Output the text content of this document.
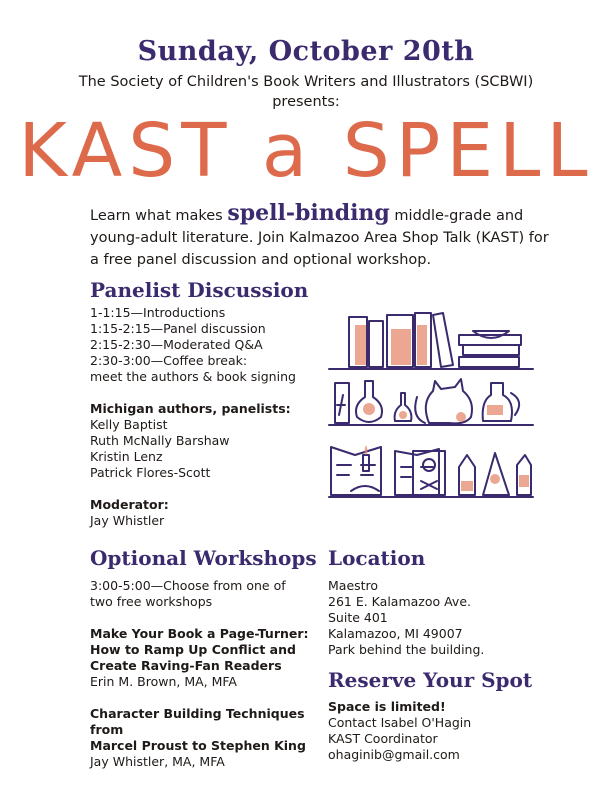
Sunday, October 20th
The Society of Children's Book Writers and Illustrators (SCBWI)
presents:
KAST a SPELL
Learn what makes spell-binding middle-grade and young-adult literature. Join Kalmazoo Area Shop Talk (KAST) for a free panel discussion and optional workshop.
Panelist Discussion
1-1:15—Introductions
1:15-2:15—Panel discussion
2:15-2:30—Moderated Q&A
2:30-3:00—Coffee break:
meet the authors & book signing
Michigan authors, panelists:
Kelly Baptist
Ruth McNally Barshaw
Kristin Lenz
Patrick Flores-Scott
Moderator:
Jay Whistler
Optional Workshops
3:00-5:00—Choose from one of
two free workshops
Make Your Book a Page-Turner:
How to Ramp Up Conflict and
Create Raving-Fan Readers
Erin M. Brown, MA, MFA
Character Building Techniques from
Marcel Proust to Stephen King
Jay Whistler, MA, MFA
Location
Maestro
261 E. Kalamazoo Ave.
Suite 401
Kalamazoo, MI 49007
Park behind the building.
Reserve Your Spot
Space is limited!
Contact Isabel O'Hagin
KAST Coordinator
ohaginib@gmail.com
